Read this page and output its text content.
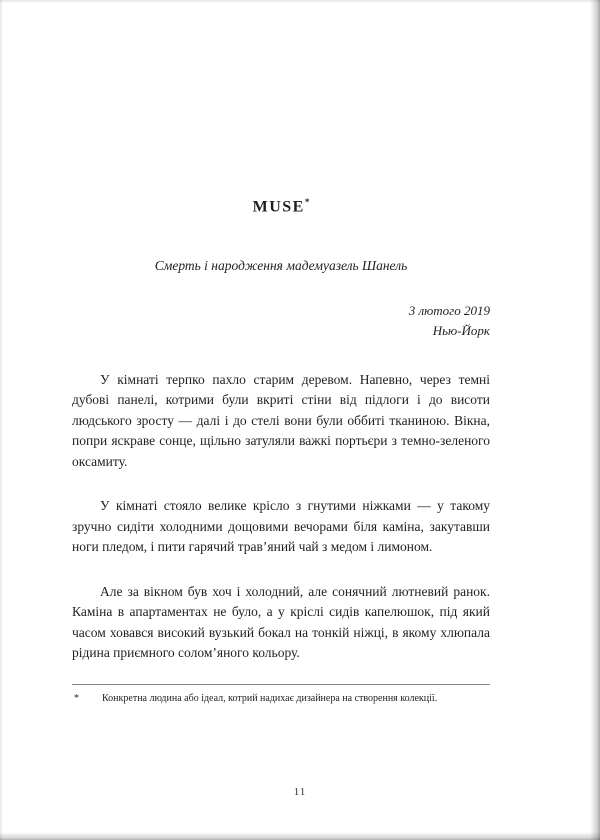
MUSE*
Смерть і народження мадемуазель Шанель
3 лютого 2019
Нью-Йорк

У кімнаті терпко пахло старим деревом. Напевно, через темні дубові панелі, котрими були вкриті стіни від підлоги і до висоти людського зросту — далі і до стелі вони були оббиті тканиною. Вікна, попри яскраве сонце, щільно затуляли важкі портьєри з темно-зеленого оксамиту.

У кімнаті стояло велике крісло з гнутими ніжками — у такому зручно сидіти холодними дощовими вечорами біля каміна, закутавши ноги пледом, і пити гарячий трав’яний чай з медом і лимоном.

Але за вікном був хоч і холодний, але сонячний лютневий ранок. Каміна в апартаментах не було, а у кріслі сидів капелюшок, під який часом ховався високий вузький бокал на тонкій ніжці, в якому хлюпала рідина приємного солом’яного кольору.

*	Конкретна людина або ідеал, котрий надихає дизайнера на створення колекції.
11
